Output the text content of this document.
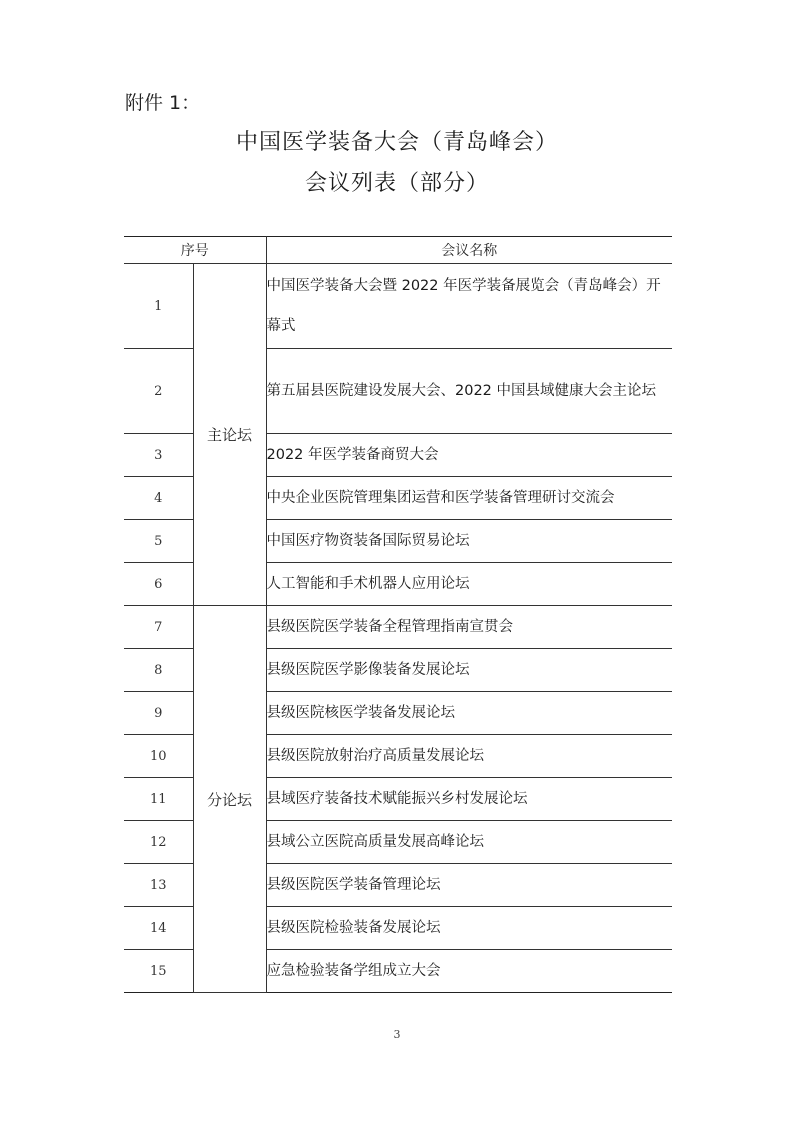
附件 1：
中国医学装备大会（青岛峰会）
会议列表（部分）
序号		会议名称
1	主论坛	中国医学装备大会暨 2022 年医学装备展览会（青岛峰会）开幕式
2		第五届县医院建设发展大会、2022 中国县域健康大会主论坛
3		2022 年医学装备商贸大会
4		中央企业医院管理集团运营和医学装备管理研讨交流会
5		中国医疗物资装备国际贸易论坛
6		人工智能和手术机器人应用论坛
7	分论坛	县级医院医学装备全程管理指南宣贯会
8		县级医院医学影像装备发展论坛
9		县级医院核医学装备发展论坛
10		县级医院放射治疗高质量发展论坛
11		县域医疗装备技术赋能振兴乡村发展论坛
12		县域公立医院高质量发展高峰论坛
13		县级医院医学装备管理论坛
14		县级医院检验装备发展论坛
15		应急检验装备学组成立大会
3
